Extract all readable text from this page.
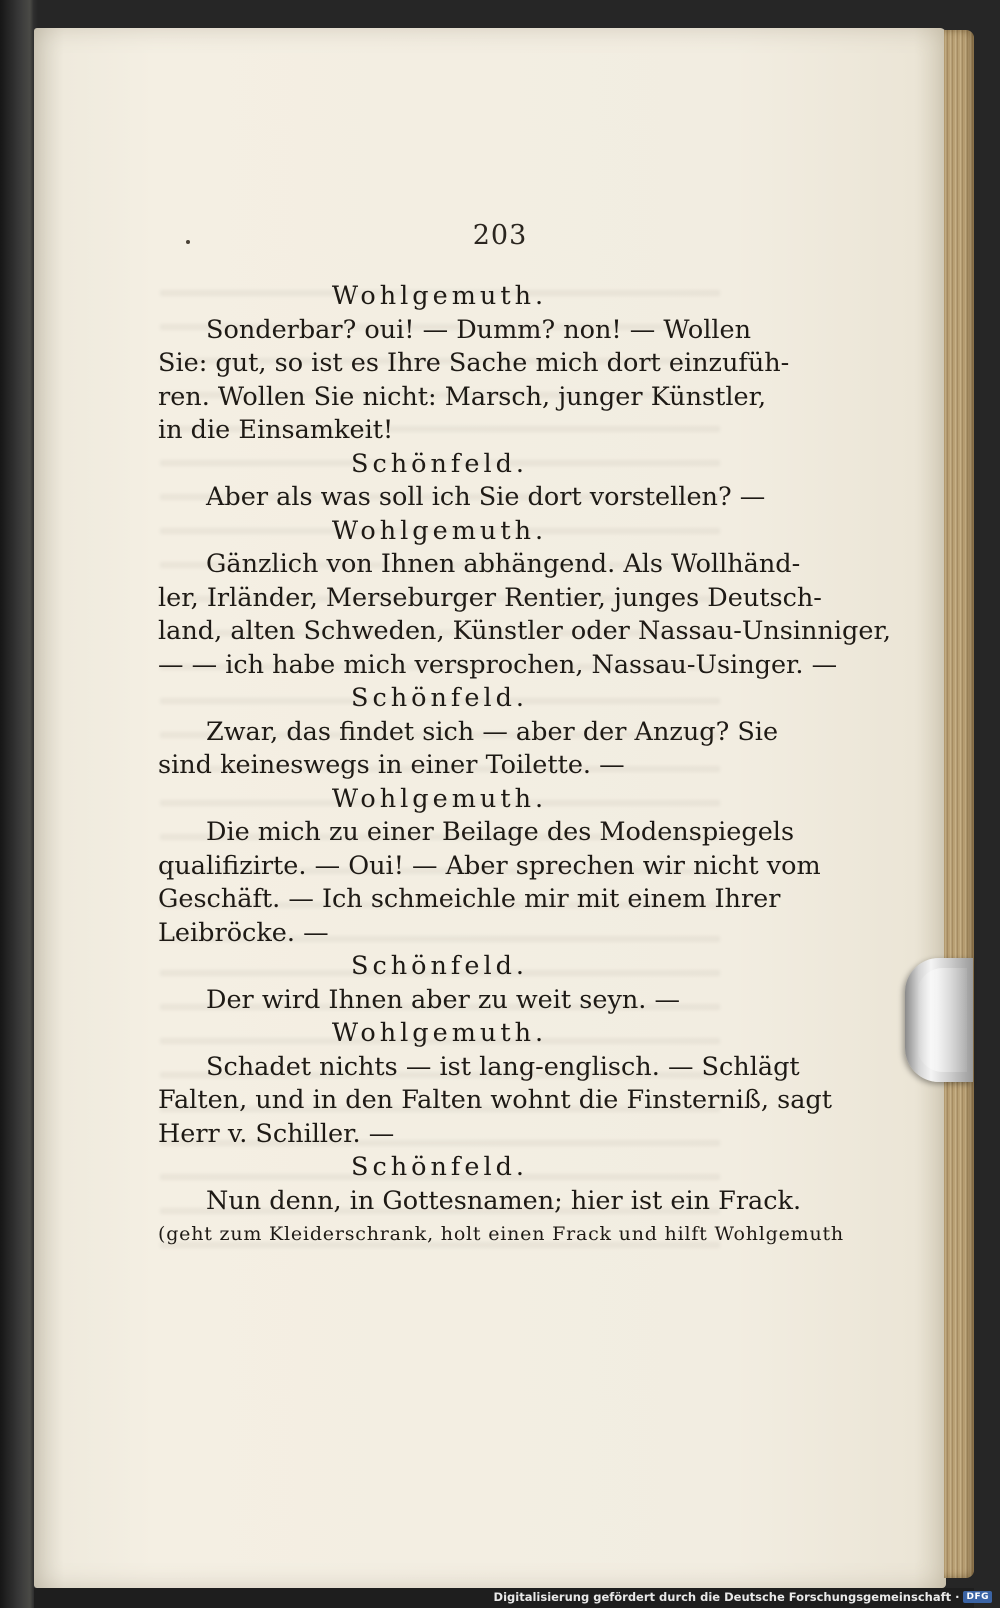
203
Wohlgemuth.
Sonderbar? oui! — Dumm? non! — Wollen
Sie: gut, so ist es Ihre Sache mich dort einzufüh-
ren. Wollen Sie nicht: Marsch, junger Künstler,
in die Einsamkeit!
Schönfeld.
Aber als was soll ich Sie dort vorstellen? —
Wohlgemuth.
Gänzlich von Ihnen abhängend. Als Wollhänd-
ler, Irländer, Merseburger Rentier, junges Deutsch-
land, alten Schweden, Künstler oder Nassau-Unsinniger,
— — ich habe mich versprochen, Nassau-Usinger. —
Schönfeld.
Zwar, das findet sich — aber der Anzug? Sie
sind keineswegs in einer Toilette. —
Wohlgemuth.
Die mich zu einer Beilage des Modenspiegels
qualifizirte. — Oui! — Aber sprechen wir nicht vom
Geschäft. — Ich schmeichle mir mit einem Ihrer
Leibröcke. —
Schönfeld.
Der wird Ihnen aber zu weit seyn. —
Wohlgemuth.
Schadet nichts — ist lang-englisch. — Schlägt
Falten, und in den Falten wohnt die Finsterniß, sagt
Herr v. Schiller. —
Schönfeld.
Nun denn, in Gottesnamen; hier ist ein Frack.
(geht zum Kleiderschrank, holt einen Frack und hilft Wohlgemuth
Digitalisierung gefördert durch die Deutsche Forschungsgemeinschaft · DFG
